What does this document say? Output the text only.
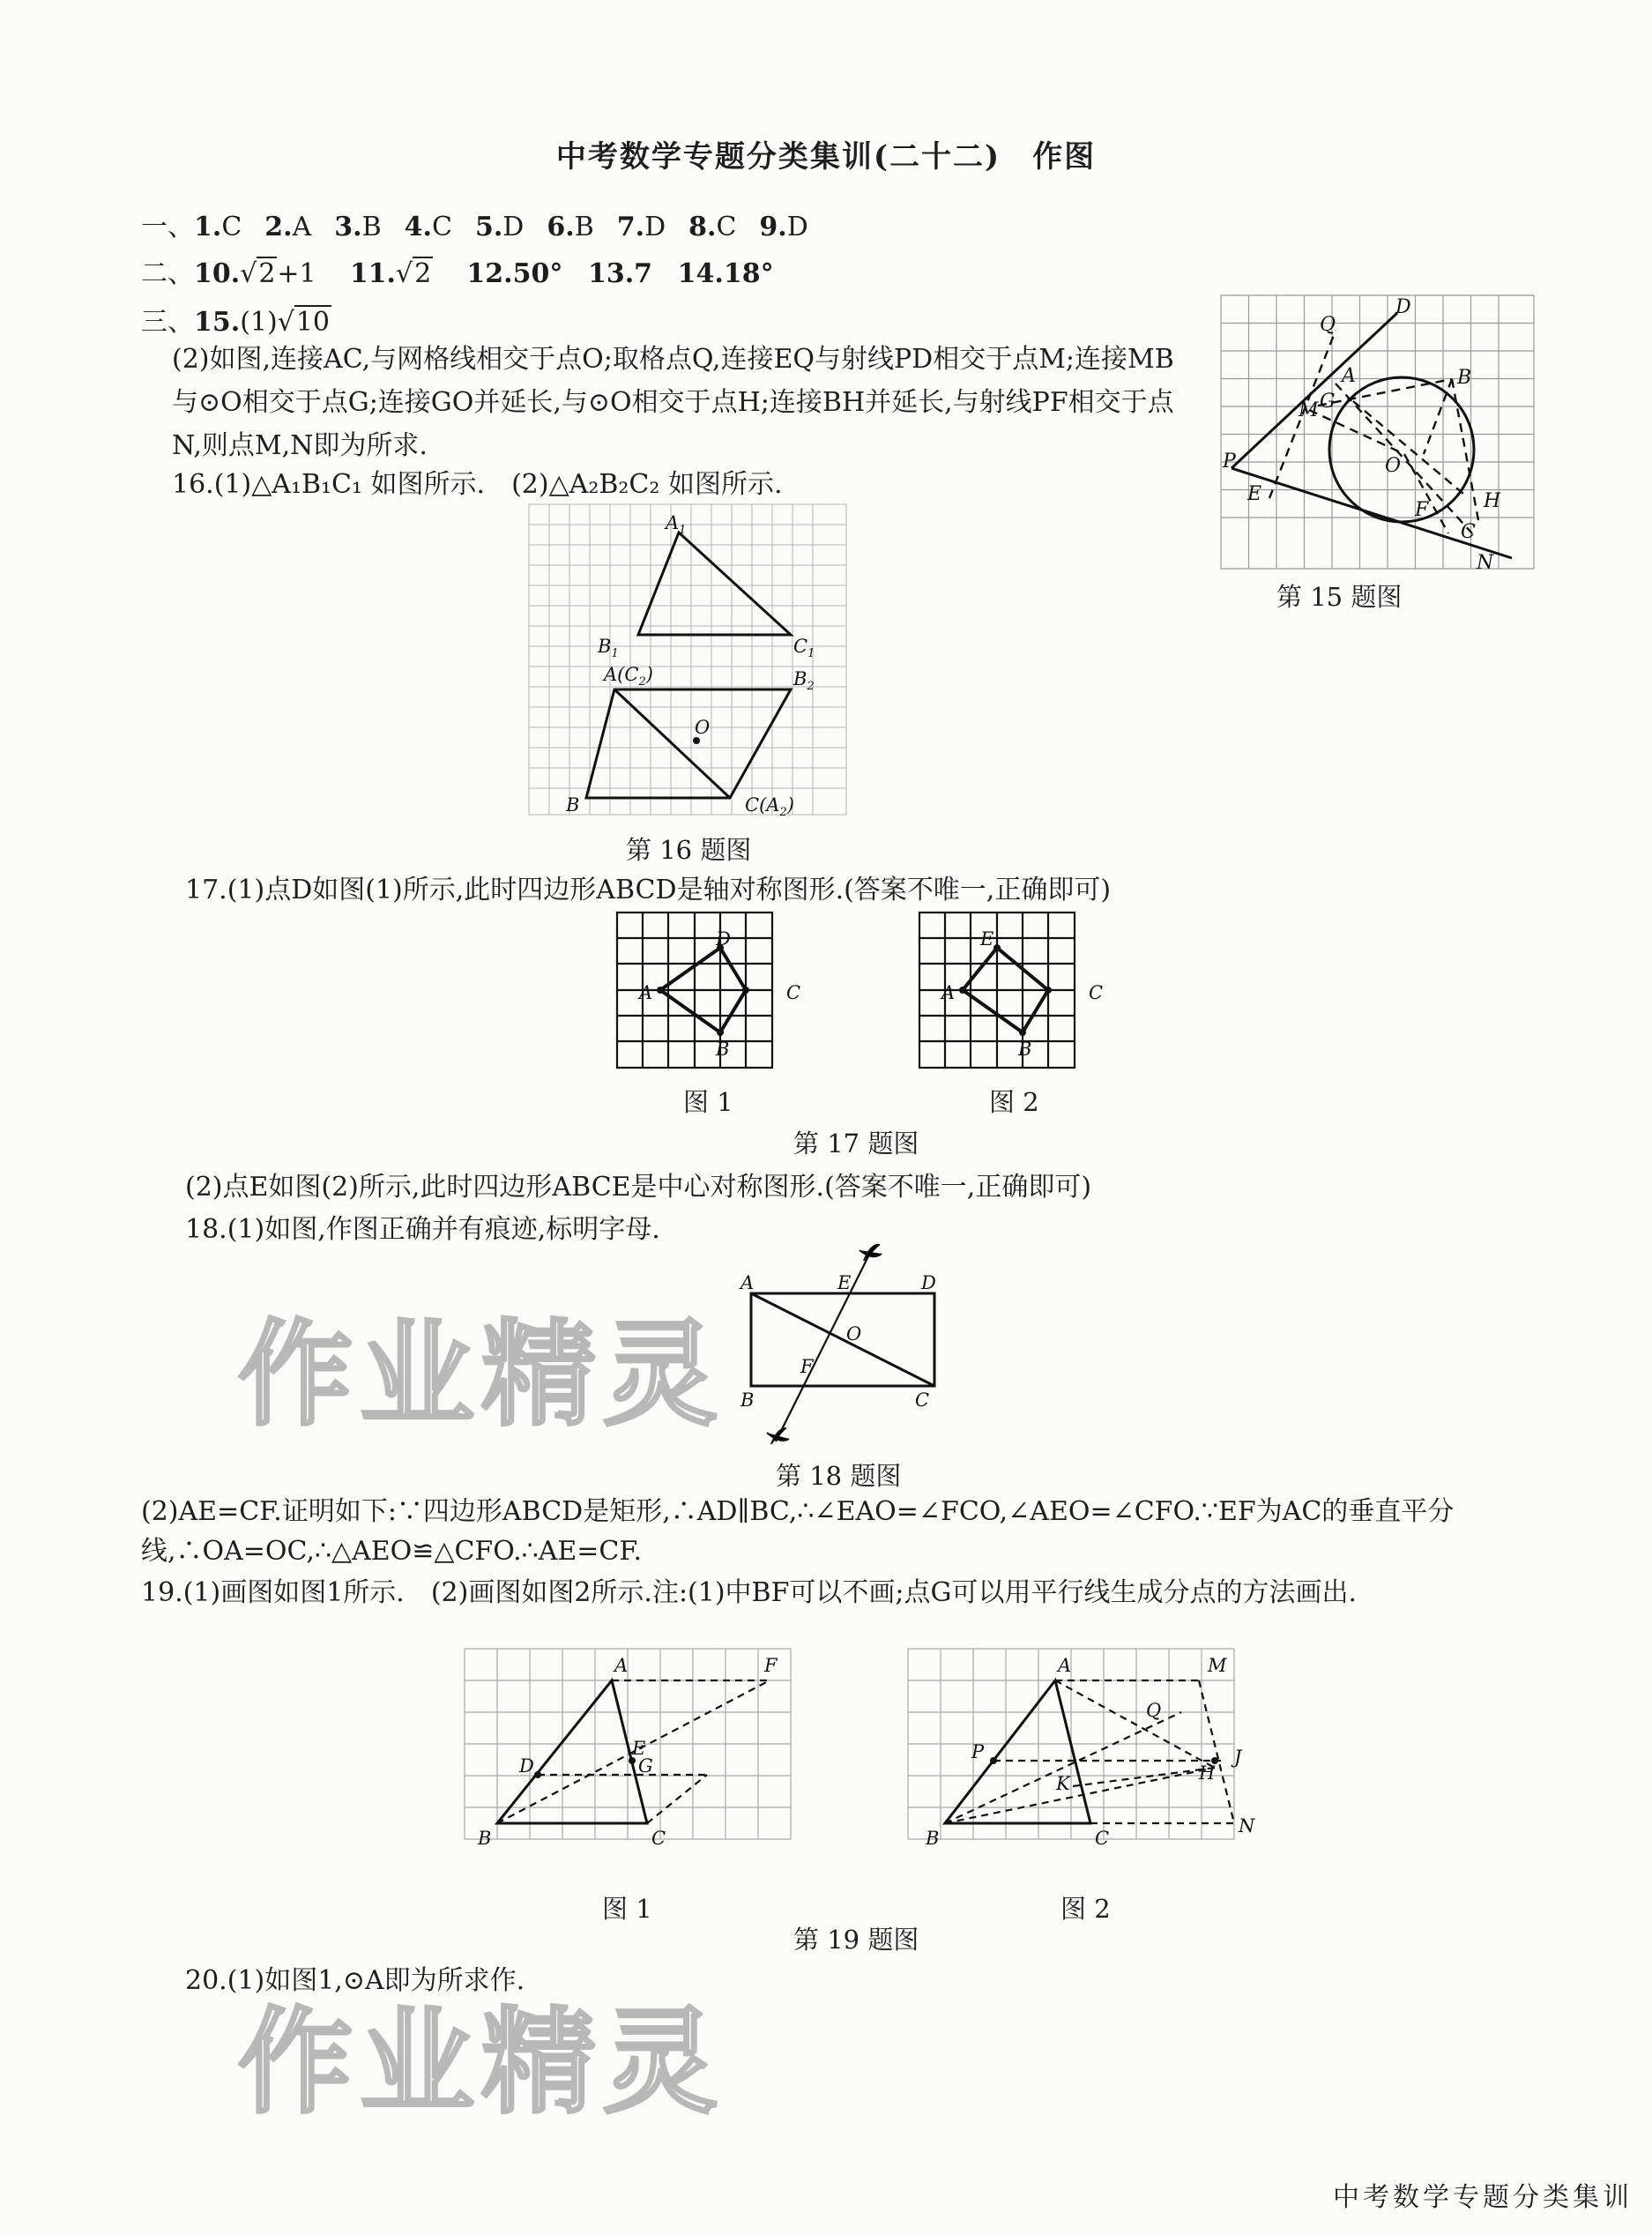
中考数学专题分类集训(二十二)　作图
一、1.C 2.A 3.B 4.C 5.D 6.B 7.D 8.C 9.D
二、10.√2+1 11.√2 12.50° 13.7 14.18°
三、15.(1)√10
(2)如图,连接AC,与网格线相交于点O;取格点Q,连接EQ与射线PD相交于点M;连接MB与⊙O相交于点G;连接GO并延长,与⊙O相交于点H;连接BH并延长,与射线PF相交于点N,则点M,N即为所求.
D
Q
A	B
M G
O
P
E
F	H
C
N
第 15 题图
16.(1)△A₁B₁C₁ 如图所示.　(2)△A₂B₂C₂ 如图所示.
$A_1$
$B_1$	$C_1$
$A(C_2)$	$B_2$
O
B	$C(A_2)$
第 16 题图
17.(1)点D如图(1)所示,此时四边形ABCD是轴对称图形.(答案不唯一,正确即可)
D
A	C
B
E
A	C
B
图 1	图 2
第 17 题图
(2)点E如图(2)所示,此时四边形ABCE是中心对称图形.(答案不唯一,正确即可)
18.(1)如图,作图正确并有痕迹,标明字母.
作业精灵
A	E	D
O
F
B	C
第 18 题图
(2)AE=CF.证明如下:∵四边形ABCD是矩形,∴AD∥BC,∴∠EAO=∠FCO,∠AEO=∠CFO.∵EF为AC的垂直平分线,∴OA=OC,∴△AEO≌△CFO.∴AE=CF.
19.(1)画图如图1所示.　(2)画图如图2所示.注:(1)中BF可以不画;点G可以用平行线生成分点的方法画出.
A	F
E
D	G
B	C
A	M
Q
P	J
K	H
B	C
N
图 1	图 2
第 19 题图
20.(1)如图1,⊙A即为所求作.
作业精灵
中考数学专题分类集训
